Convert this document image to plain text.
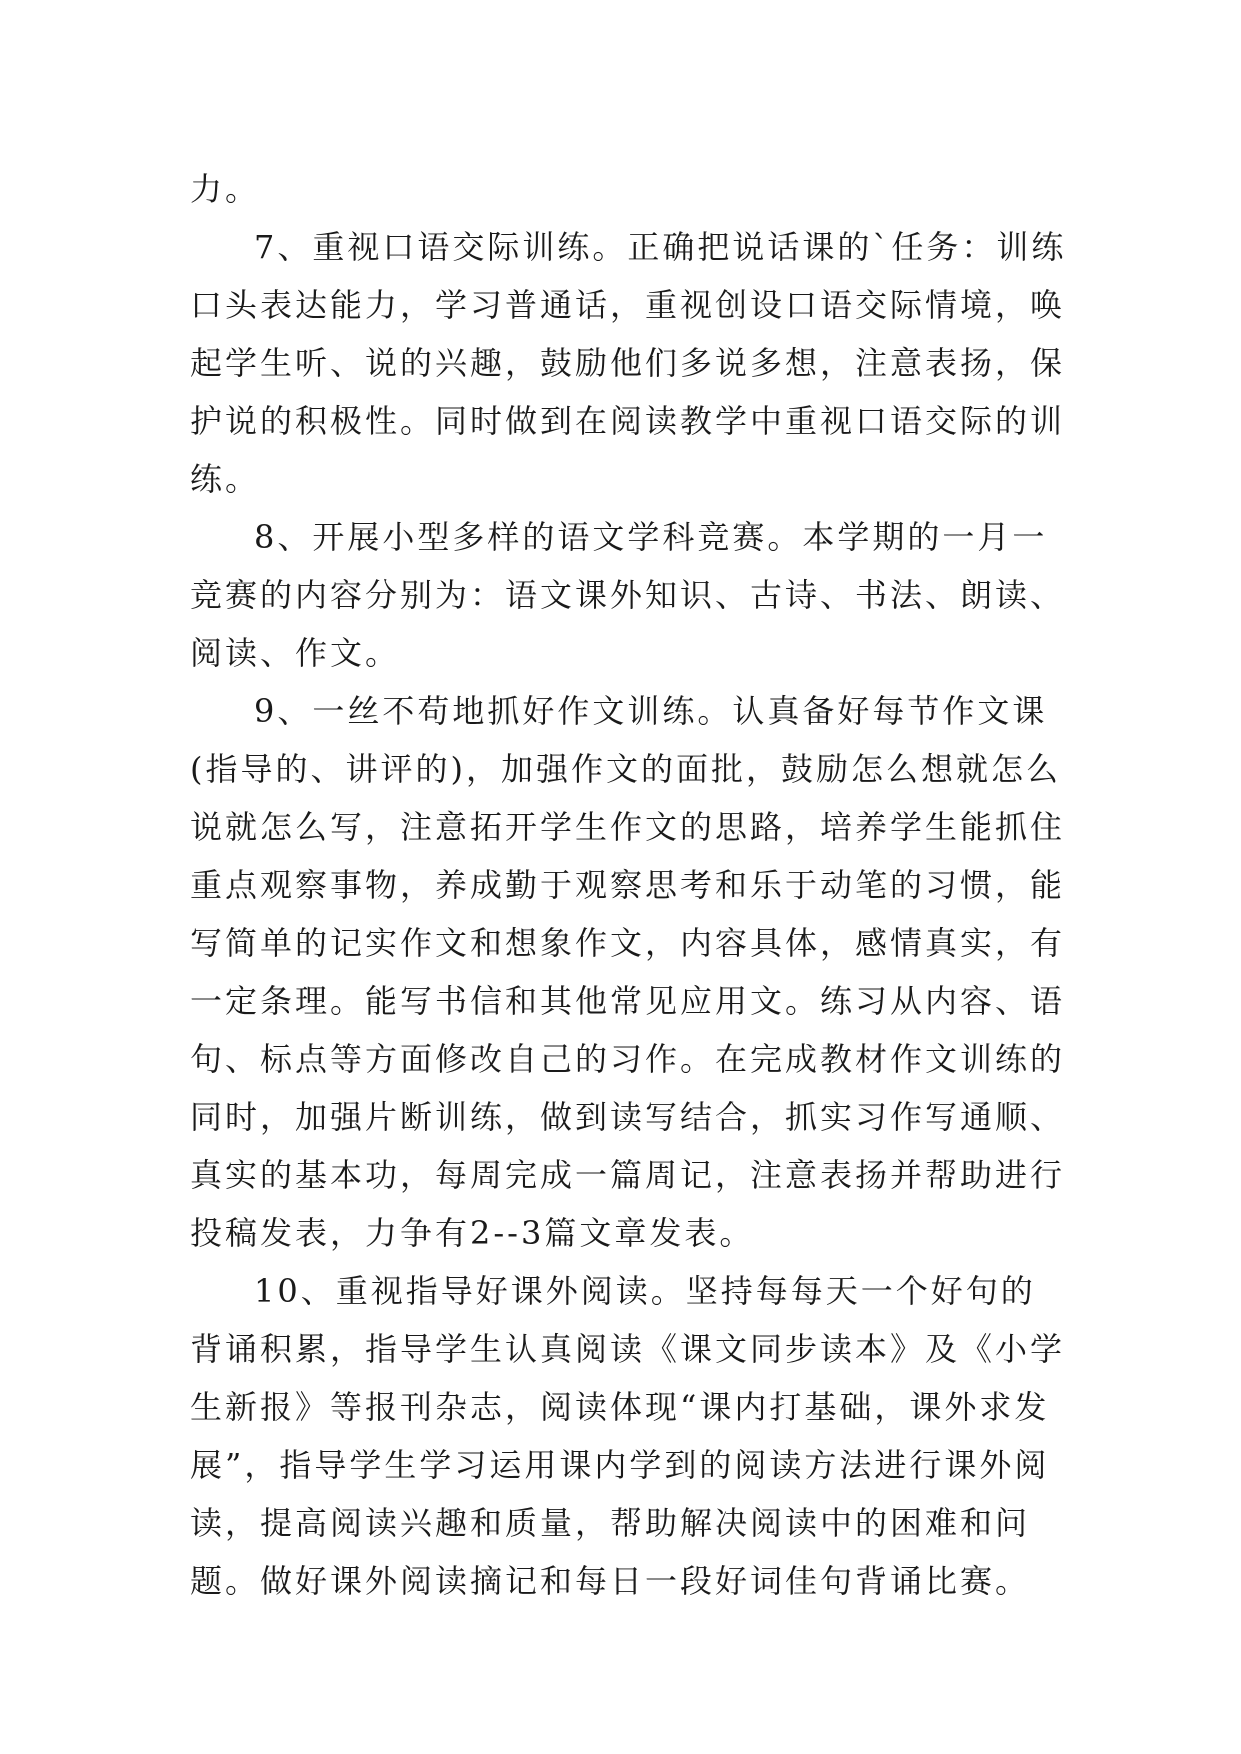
力。

7、重视口语交际训练。正确把说话课的`任务：训练口头表达能力，学习普通话，重视创设口语交际情境，唤起学生听、说的兴趣，鼓励他们多说多想，注意表扬，保护说的积极性。同时做到在阅读教学中重视口语交际的训练。

8、开展小型多样的语文学科竞赛。本学期的一月一竞赛的内容分别为：语文课外知识、古诗、书法、朗读、阅读、作文。

9、一丝不苟地抓好作文训练。认真备好每节作文课(指导的、讲评的)，加强作文的面批，鼓励怎么想就怎么说就怎么写，注意拓开学生作文的思路，培养学生能抓住重点观察事物，养成勤于观察思考和乐于动笔的习惯，能写简单的记实作文和想象作文，内容具体，感情真实，有一定条理。能写书信和其他常见应用文。练习从内容、语句、标点等方面修改自己的习作。在完成教材作文训练的同时，加强片断训练，做到读写结合，抓实习作写通顺、真实的基本功，每周完成一篇周记，注意表扬并帮助进行投稿发表，力争有2--3篇文章发表。

10、重视指导好课外阅读。坚持每每天一个好句的背诵积累，指导学生认真阅读《课文同步读本》及《小学生新报》等报刊杂志，阅读体现“课内打基础，课外求发展”，指导学生学习运用课内学到的阅读方法进行课外阅读，提高阅读兴趣和质量，帮助解决阅读中的困难和问题。做好课外阅读摘记和每日一段好词佳句背诵比赛。
